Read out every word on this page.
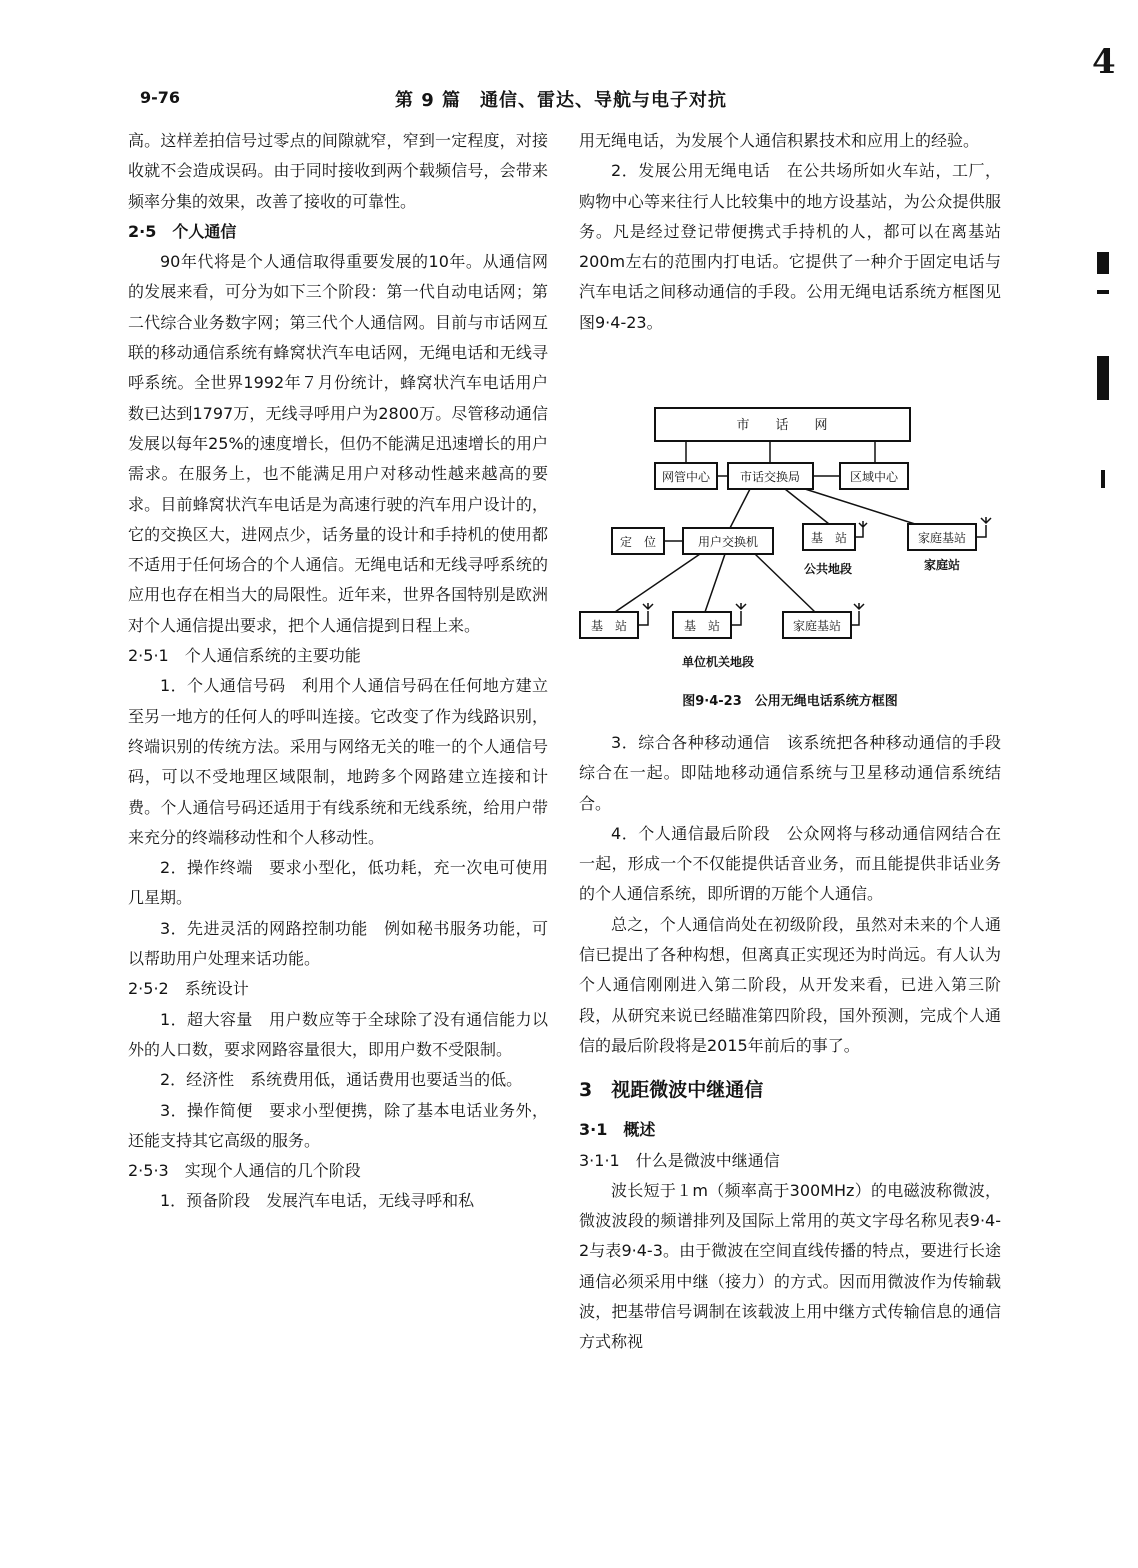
9-76	第 9 篇　通信、雷达、导航与电子对抗
4

高。这样差拍信号过零点的间隙就窄，窄到一定程度，对接收就不会造成误码。由于同时接收到两个载频信号，会带来频率分集的效果，改善了接收的可靠性。

2·5　个人通信

90年代将是个人通信取得重要发展的10年。从通信网的发展来看，可分为如下三个阶段：第一代自动电话网；第二代综合业务数字网；第三代个人通信网。目前与市话网互联的移动通信系统有蜂窝状汽车电话网，无绳电话和无线寻呼系统。全世界1992年７月份统计，蜂窝状汽车电话用户数已达到1797万，无线寻呼用户为2800万。尽管移动通信发展以每年25%的速度增长，但仍不能满足迅速增长的用户需求。在服务上，也不能满足用户对移动性越来越高的要求。目前蜂窝状汽车电话是为高速行驶的汽车用户设计的，它的交换区大，进网点少，话务量的设计和手持机的使用都不适用于任何场合的个人通信。无绳电话和无线寻呼系统的应用也存在相当大的局限性。近年来，世界各国特别是欧洲对个人通信提出要求，把个人通信提到日程上来。

2·5·1　个人通信系统的主要功能

1．个人通信号码　利用个人通信号码在任何地方建立至另一地方的任何人的呼叫连接。它改变了作为线路识别，终端识别的传统方法。采用与网络无关的唯一的个人通信号码，可以不受地理区域限制，地跨多个网路建立连接和计费。个人通信号码还适用于有线系统和无线系统，给用户带来充分的终端移动性和个人移动性。

2．操作终端　要求小型化，低功耗，充一次电可使用几星期。

3．先进灵活的网路控制功能　例如秘书服务功能，可以帮助用户处理来话功能。

2·5·2　系统设计

1．超大容量　用户数应等于全球除了没有通信能力以外的人口数，要求网路容量很大，即用户数不受限制。

2．经济性　系统费用低，通话费用也要适当的低。

3．操作简便　要求小型便携，除了基本电话业务外，还能支持其它高级的服务。

2·5·3　实现个人通信的几个阶段

1．预备阶段　发展汽车电话，无线寻呼和私

用无绳电话，为发展个人通信积累技术和应用上的经验。

2．发展公用无绳电话　在公共场所如火车站，工厂，购物中心等来往行人比较集中的地方设基站，为公众提供服务。凡是经过登记带便携式手持机的人，都可以在离基站200m左右的范围内打电话。它提供了一种介于固定电话与汽车电话之间移动通信的手段。公用无绳电话系统方框图见图9·4-23。

市　　话　　网
网管中心 市话交换局	区域中心
定　位	用户交换机	基　站
公共地段
家庭基站
家庭站
基　站	基　站	家庭基站
单位机关地段
图9·4-23　公用无绳电话系统方框图

3．综合各种移动通信　该系统把各种移动通信的手段综合在一起。即陆地移动通信系统与卫星移动通信系统结合。

4．个人通信最后阶段　公众网将与移动通信网结合在一起，形成一个不仅能提供话音业务，而且能提供非话业务的个人通信系统，即所谓的万能个人通信。

总之，个人通信尚处在初级阶段，虽然对未来的个人通信已提出了各种构想，但离真正实现还为时尚远。有人认为个人通信刚刚进入第二阶段，从开发来看，已进入第三阶段，从研究来说已经瞄准第四阶段，国外预测，完成个人通信的最后阶段将是2015年前后的事了。

3　视距微波中继通信
3·1　概述
3·1·1　什么是微波中继通信

波长短于１m（频率高于300MHz）的电磁波称微波，微波波段的频谱排列及国际上常用的英文字母名称见表9·4-2与表9·4-3。由于微波在空间直线传播的特点，要进行长途通信必须采用中继（接力）的方式。因而用微波作为传输载波，把基带信号调制在该载波上用中继方式传输信息的通信方式称视
